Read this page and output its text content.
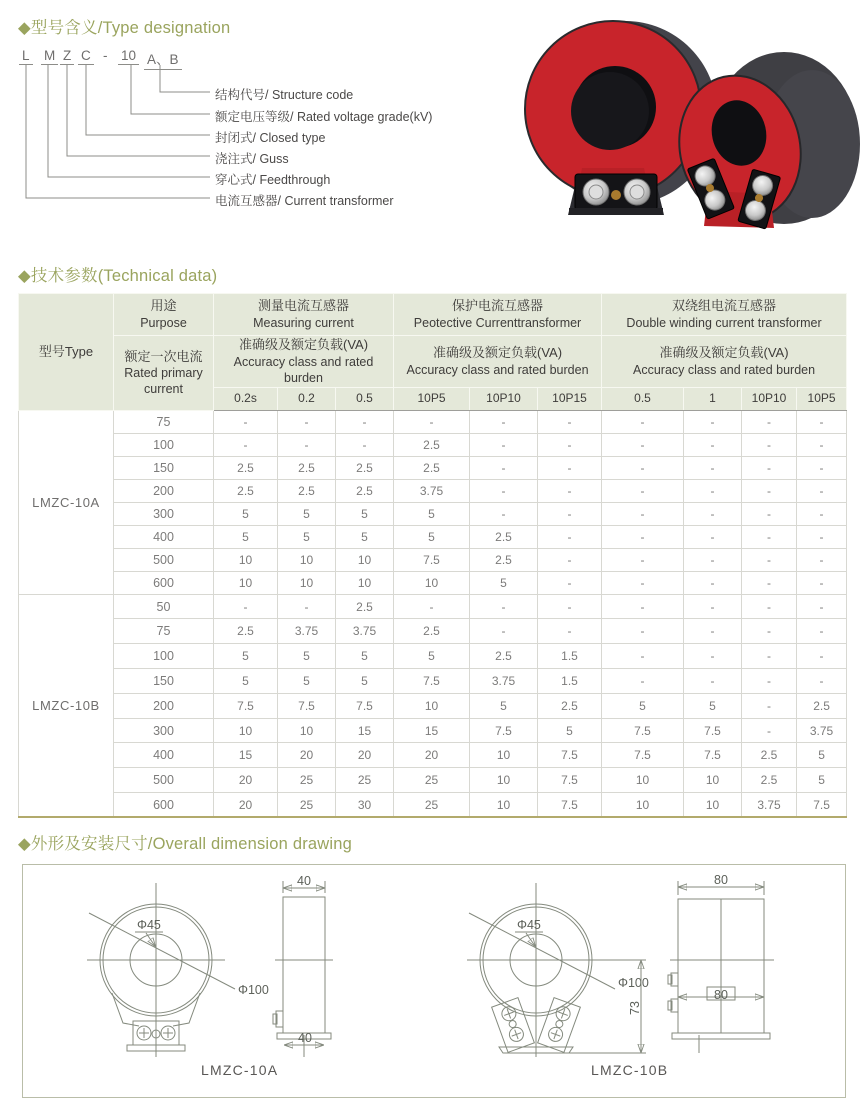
◆型号含义/Type designation
L M Z C - 10 A、B
结构代号/ Structure code
额定电压等级/ Rated voltage grade(kV)
封闭式/ Closed type
浇注式/ Guss
穿心式/ Feedthrough
电流互感器/ Current transformer
◆技术参数(Technical data)
型号Type	
用途
Purpose

测量电流互感器
Measuring current

保护电流互感器
Peotective Currenttransformer

双绕组电流互感器
Double winding current transformer

额定一次电流
Rated primary current

准确级及额定负载(VA)
Accuracy class and rated burden

准确级及额定负载(VA)
Accuracy class and rated burden

准确级及额定负载(VA)
Accuracy class and rated burden

		0.2s	0.2	0.5	10P5	10P10	10P15	0.5	1	10P10	10P5
LMZC-10A	75	-	-	-	-	-	-	-	-	-	-
	100	-	-	-	2.5	-	-	-	-	-	-
	150	2.5	2.5	2.5	2.5	-	-	-	-	-	-
	200	2.5	2.5	2.5	3.75	-	-	-	-	-	-
	300	5	5	5	5	-	-	-	-	-	-
	400	5	5	5	5	2.5	-	-	-	-	-
	500	10	10	10	7.5	2.5	-	-	-	-	-
	600	10	10	10	10	5	-	-	-	-	-
LMZC-10B	50	-	-	2.5	-	-	-	-	-	-	-
	75	2.5	3.75	3.75	2.5	-	-	-	-	-	-
	100	5	5	5	5	2.5	1.5	-	-	-	-
	150	5	5	5	7.5	3.75	1.5	-	-	-	-
	200	7.5	7.5	7.5	10	5	2.5	5	5	-	2.5
	300	10	10	15	15	7.5	5	7.5	7.5	-	3.75
	400	15	20	20	20	10	7.5	7.5	7.5	2.5	5
	500	20	25	25	25	10	7.5	10	10	2.5	5
	600	20	25	30	25	10	7.5	10	10	3.75	7.5
◆外形及安装尺寸/Overall dimension drawing
Φ45
Φ100
40
40
LMZC-10A
Φ45
Φ100
73
80
80
LMZC-10B
